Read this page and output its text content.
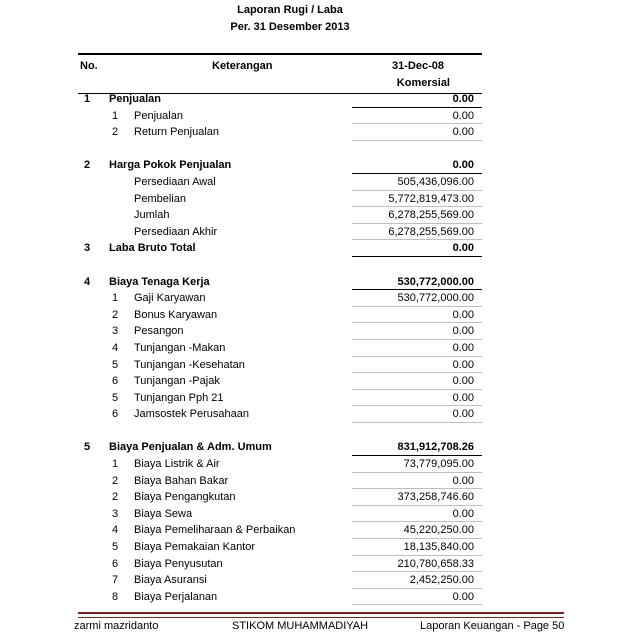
Laporan Rugi / Laba
Per. 31 Desember 2013
No.	Keterangan	31-Dec-08
Komersial
1 Penjualan	0.00
1 Penjualan	0.00
2 Return Penjualan	0.00
2 Harga Pokok Penjualan	0.00
Persediaan Awal	505,436,096.00
Pembelian	5,772,819,473.00
Jumlah	6,278,255,569.00
Persediaan Akhir	6,278,255,569.00
3 Laba Bruto Total	0.00
4 Biaya Tenaga Kerja	530,772,000.00
1 Gaji Karyawan	530,772,000.00
2 Bonus Karyawan	0.00
3 Pesangon	0.00
4 Tunjangan -Makan	0.00
5 Tunjangan -Kesehatan	0.00
6 Tunjangan -Pajak	0.00
5 Tunjangan Pph 21	0.00
6 Jamsostek Perusahaan	0.00
5 Biaya Penjualan & Adm. Umum	831,912,708.26
1 Biaya Listrik & Air	73,779,095.00
2 Biaya Bahan Bakar	0.00
2 Biaya Pengangkutan	373,258,746.60
3 Biaya Sewa	0.00
4 Biaya Pemeliharaan & Perbaikan	45,220,250.00
5 Biaya Pemakaian Kantor	18,135,840.00
6 Biaya Penyusutan	210,780,658.33
7 Biaya Asuransi	2,452,250.00
8 Biaya Perjalanan	0.00
zarmi mazridanto	STIKOM MUHAMMADIYAH	Laporan Keuangan - Page 50
